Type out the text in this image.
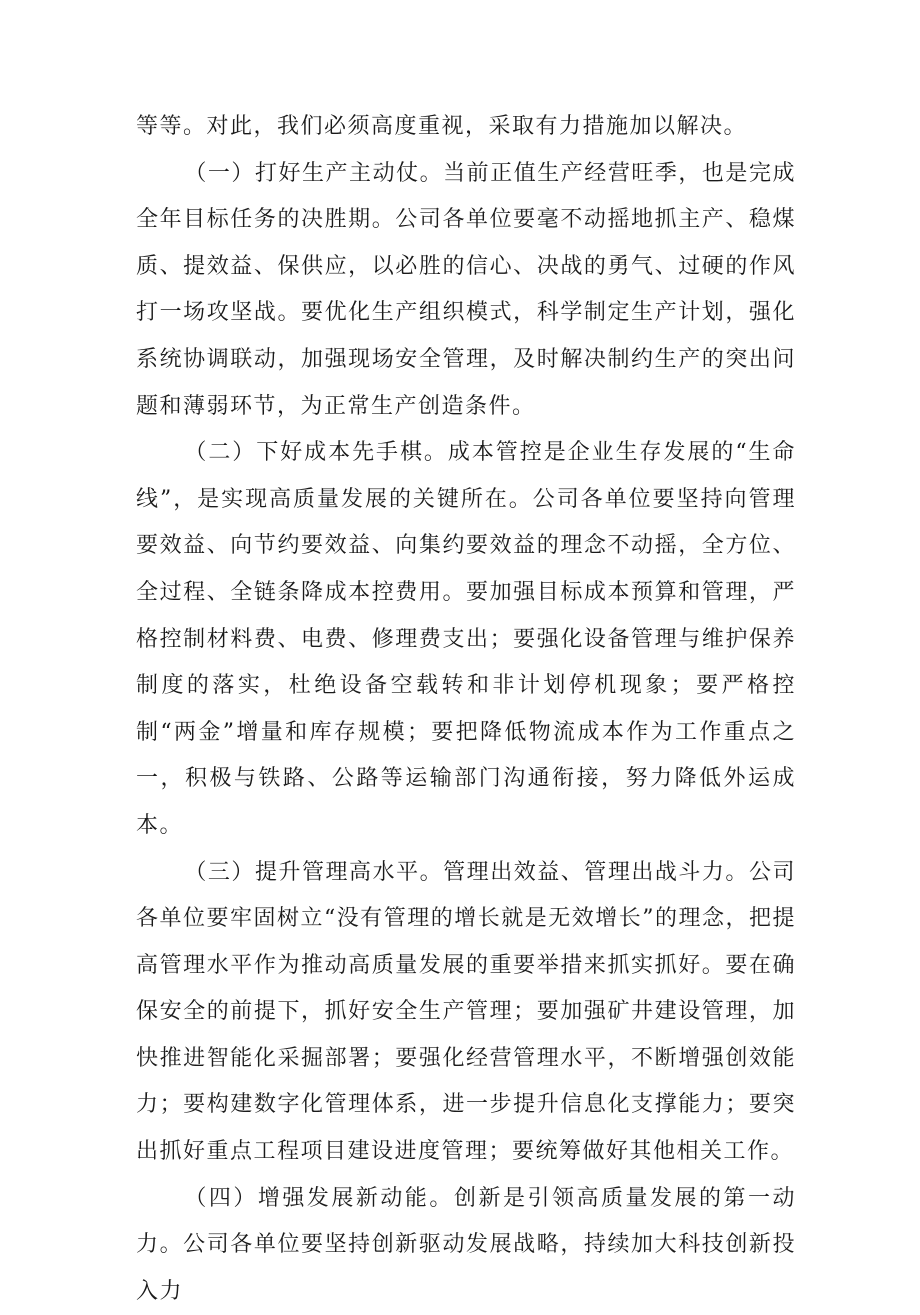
等等。对此，我们必须高度重视，采取有力措施加以解决。

（一）打好生产主动仗。当前正值生产经营旺季，也是完成全年目标任务的决胜期。公司各单位要毫不动摇地抓主产、稳煤质、提效益、保供应，以必胜的信心、决战的勇气、过硬的作风打一场攻坚战。要优化生产组织模式，科学制定生产计划，强化系统协调联动，加强现场安全管理，及时解决制约生产的突出问题和薄弱环节，为正常生产创造条件。

（二）下好成本先手棋。成本管控是企业生存发展的“生命线”，是实现高质量发展的关键所在。公司各单位要坚持向管理要效益、向节约要效益、向集约要效益的理念不动摇，全方位、全过程、全链条降成本控费用。要加强目标成本预算和管理，严格控制材料费、电费、修理费支出；要强化设备管理与维护保养制度的落实，杜绝设备空载转和非计划停机现象；要严格控制“两金”增量和库存规模；要把降低物流成本作为工作重点之一，积极与铁路、公路等运输部门沟通衔接，努力降低外运成本。

（三）提升管理高水平。管理出效益、管理出战斗力。公司各单位要牢固树立“没有管理的增长就是无效增长”的理念，把提高管理水平作为推动高质量发展的重要举措来抓实抓好。要在确保安全的前提下，抓好安全生产管理；要加强矿井建设管理，加快推进智能化采掘部署；要强化经营管理水平，不断增强创效能力；要构建数字化管理体系，进一步提升信息化支撑能力；要突出抓好重点工程项目建设进度管理；要统筹做好其他相关工作。

（四）增强发展新动能。创新是引领高质量发展的第一动力。公司各单位要坚持创新驱动发展战略，持续加大科技创新投入力
